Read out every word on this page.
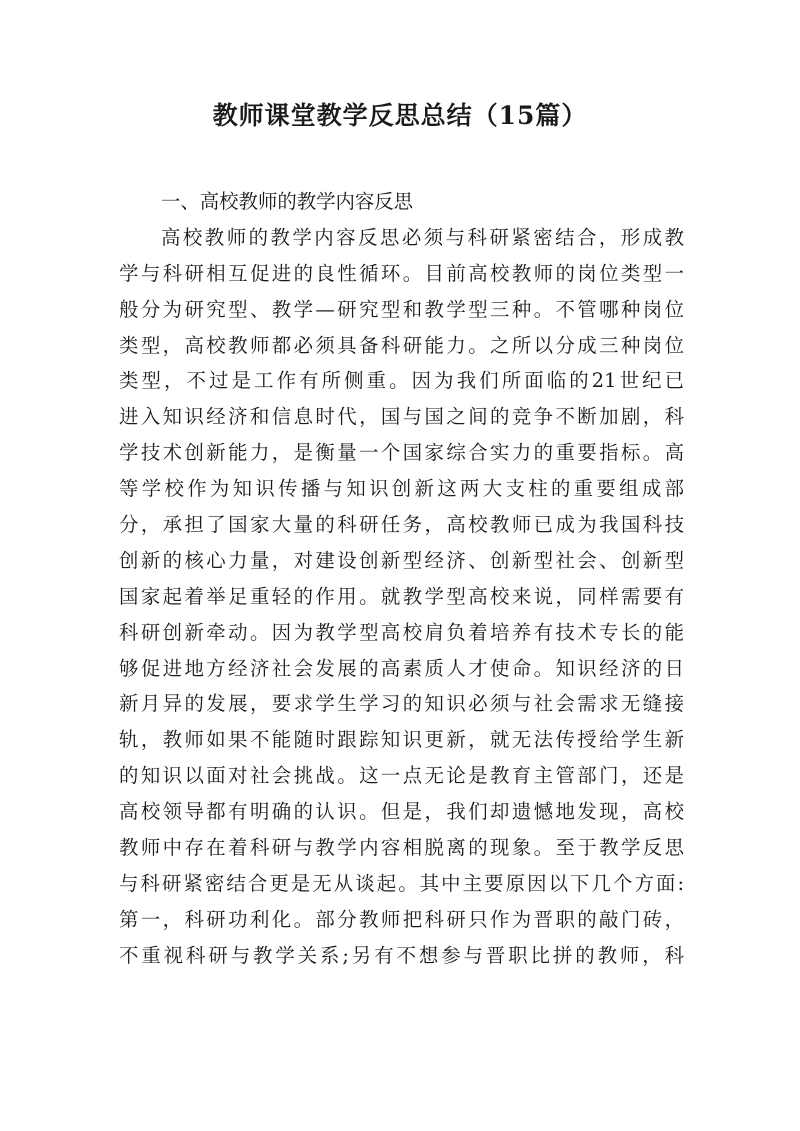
教师课堂教学反思总结（15篇）
一、高校教师的教学内容反思
高校教师的教学内容反思必须与科研紧密结合，形成教
学与科研相互促进的良性循环。目前高校教师的岗位类型一
般分为研究型、教学—研究型和教学型三种。不管哪种岗位
类型，高校教师都必须具备科研能力。之所以分成三种岗位
类型，不过是工作有所侧重。因为我们所面临的21世纪已
进入知识经济和信息时代，国与国之间的竞争不断加剧，科
学技术创新能力，是衡量一个国家综合实力的重要指标。高
等学校作为知识传播与知识创新这两大支柱的重要组成部
分，承担了国家大量的科研任务，高校教师已成为我国科技
创新的核心力量，对建设创新型经济、创新型社会、创新型
国家起着举足重轻的作用。就教学型高校来说，同样需要有
科研创新牵动。因为教学型高校肩负着培养有技术专长的能
够促进地方经济社会发展的高素质人才使命。知识经济的日
新月异的发展，要求学生学习的知识必须与社会需求无缝接
轨，教师如果不能随时跟踪知识更新，就无法传授给学生新
的知识以面对社会挑战。这一点无论是教育主管部门，还是
高校领导都有明确的认识。但是，我们却遗憾地发现，高校
教师中存在着科研与教学内容相脱离的现象。至于教学反思
与科研紧密结合更是无从谈起。其中主要原因以下几个方面:
第一，科研功利化。部分教师把科研只作为晋职的敲门砖，
不重视科研与教学关系;另有不想参与晋职比拼的教师，科
